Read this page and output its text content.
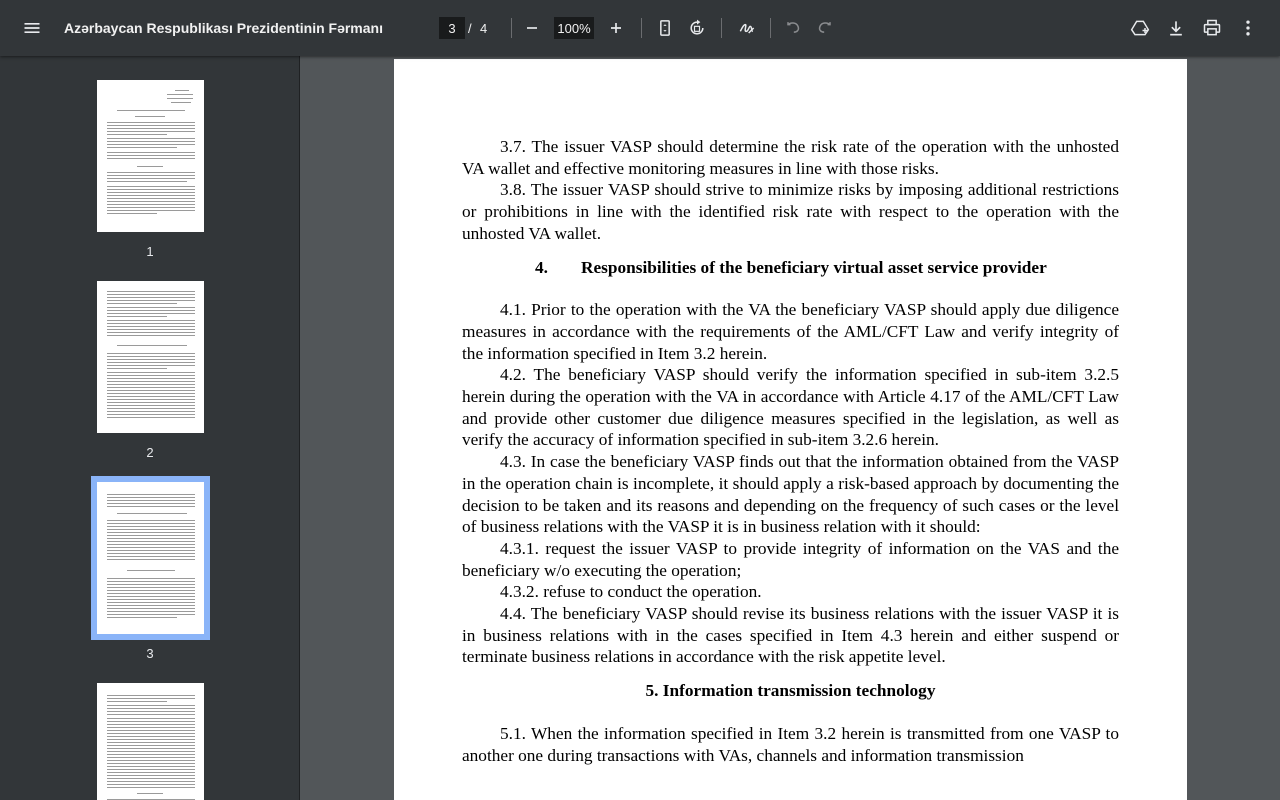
Azərbaycan Respublikası Prezidentinin Fərmanı	3 / 4	100%
1
2
3

3.7. The issuer VASP should determine the risk rate of the operation with the unhosted VA wallet and effective monitoring measures in line with those risks.

3.8. The issuer VASP should strive to minimize risks by imposing additional restrictions or prohibitions in line with the identified risk rate with respect to the operation with the unhosted VA wallet.

4. Responsibilities of the beneficiary virtual asset service provider

4.1. Prior to the operation with the VA the beneficiary VASP should apply due diligence measures in accordance with the requirements of the AML/CFT Law and verify integrity of the information specified in Item 3.2 herein.

4.2. The beneficiary VASP should verify the information specified in sub-item 3.2.5 herein during the operation with the VA in accordance with Article 4.17 of the AML/CFT Law and provide other customer due diligence measures specified in the legislation, as well as verify the accuracy of information specified in sub-item 3.2.6 herein.

4.3. In case the beneficiary VASP finds out that the information obtained from the VASP in the operation chain is incomplete, it should apply a risk-based approach by documenting the decision to be taken and its reasons and depending on the frequency of such cases or the level of business relations with the VASP it is in business relation with it should:

4.3.1. request the issuer VASP to provide integrity of information on the VAS and the beneficiary w/o executing the operation;

4.3.2. refuse to conduct the operation.

4.4. The beneficiary VASP should revise its business relations with the issuer VASP it is in business relations with in the cases specified in Item 4.3 herein and either suspend or terminate business relations in accordance with the risk appetite level.

5. Information transmission technology

5.1. When the information specified in Item 3.2 herein is transmitted from one VASP to another one during transactions with VAs, channels and information transmission
